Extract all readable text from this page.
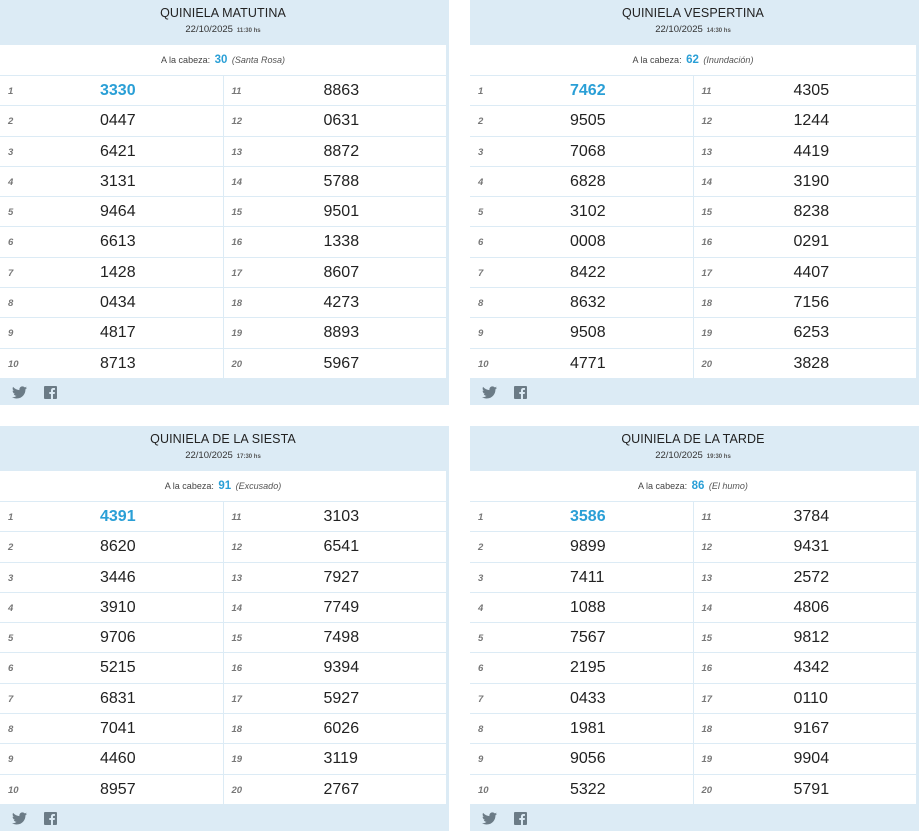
QUINIELA MATUTINA
22/10/2025 11:30 hs
A la cabeza: 30 (Santa Rosa)
1	3330
2	0447
3	6421
4	3131
5	9464
6	6613
7	1428
8	0434
9	4817
10	8713
11	8863
12	0631
13	8872
14	5788
15	9501
16	1338
17	8607
18	4273
19	8893
20	5967
QUINIELA VESPERTINA
22/10/2025 14:30 hs
A la cabeza: 62 (Inundación)
1	7462
2	9505
3	7068
4	6828
5	3102
6	0008
7	8422
8	8632
9	9508
10	4771
11	4305
12	1244
13	4419
14	3190
15	8238
16	0291
17	4407
18	7156
19	6253
20	3828
QUINIELA DE LA SIESTA
22/10/2025 17:30 hs
A la cabeza: 91 (Excusado)
1	4391
2	8620
3	3446
4	3910
5	9706
6	5215
7	6831
8	7041
9	4460
10	8957
11	3103
12	6541
13	7927
14	7749
15	7498
16	9394
17	5927
18	6026
19	3119
20	2767
QUINIELA DE LA TARDE
22/10/2025 19:30 hs
A la cabeza: 86 (El humo)
1	3586
2	9899
3	7411
4	1088
5	7567
6	2195
7	0433
8	1981
9	9056
10	5322
11	3784
12	9431
13	2572
14	4806
15	9812
16	4342
17	0110
18	9167
19	9904
20	5791
